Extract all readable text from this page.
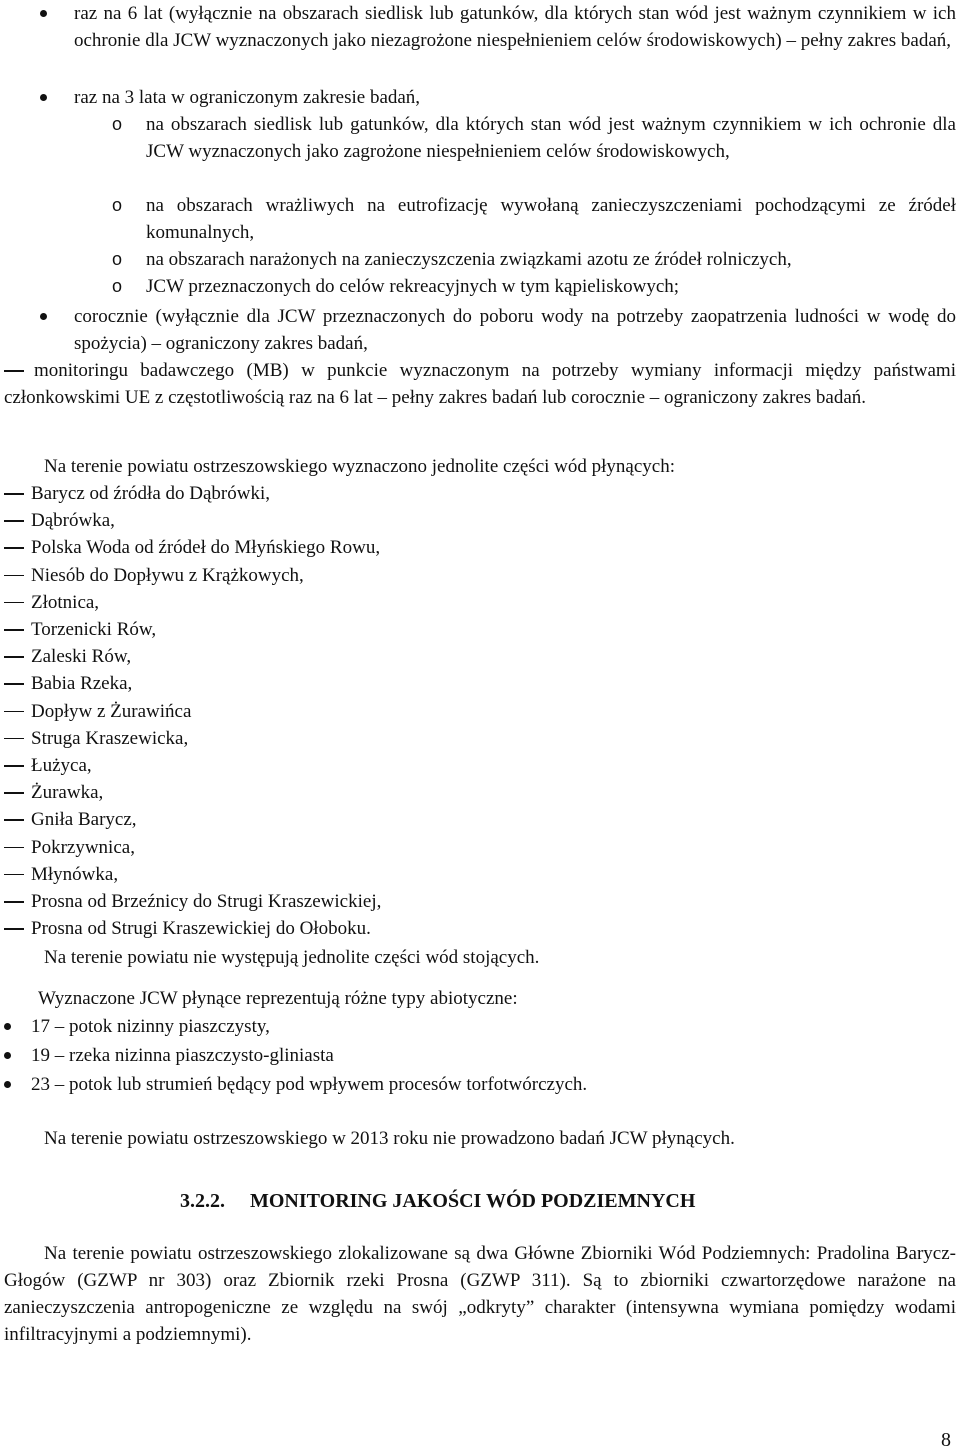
raz na 6 lat (wyłącznie na obszarach siedlisk lub gatunków, dla których stan wód jest ważnym czynnikiem w ich ochronie dla JCW wyznaczonych jako niezagrożone niespełnieniem celów środowiskowych) – pełny zakres badań,
raz na 3 lata w ograniczonym zakresie badań,
o na obszarach siedlisk lub gatunków, dla których stan wód jest ważnym czynnikiem w ich ochronie dla JCW wyznaczonych jako zagrożone niespełnieniem celów środowiskowych,
o na obszarach wrażliwych na eutrofizację wywołaną zanieczyszczeniami pochodzącymi ze źródeł komunalnych,
o na obszarach narażonych na zanieczyszczenia związkami azotu ze źródeł rolniczych,
o JCW przeznaczonych do celów rekreacyjnych w tym kąpieliskowych;
corocznie (wyłącznie dla JCW przeznaczonych do poboru wody na potrzeby zaopatrzenia ludności w wodę do spożycia) – ograniczony zakres badań,
monitoringu badawczego (MB) w punkcie wyznaczonym na potrzeby wymiany informacji między państwami członkowskimi UE z częstotliwością raz na 6 lat – pełny zakres badań lub corocznie – ograniczony zakres badań.
Na terenie powiatu ostrzeszowskiego wyznaczono jednolite części wód płynących:
Barycz od źródła do Dąbrówki,
Dąbrówka,
Polska Woda od źródeł do Młyńskiego Rowu,
Niesób do Dopływu z Krążkowych,
Złotnica,
Torzenicki Rów,
Zaleski Rów,
Babia Rzeka,
Dopływ z Żurawińca
Struga Kraszewicka,
Łużyca,
Żurawka,
Gniła Barycz,
Pokrzywnica,
Młynówka,
Prosna od Brzeźnicy do Strugi Kraszewickiej,
Prosna od Strugi Kraszewickiej do Ołoboku.
Na terenie powiatu nie występują jednolite części wód stojących.
Wyznaczone JCW płynące reprezentują różne typy abiotyczne:
17 – potok nizinny piaszczysty,
19 – rzeka nizinna piaszczysto-gliniasta
23 – potok lub strumień będący pod wpływem procesów torfotwórczych.
Na terenie powiatu ostrzeszowskiego w 2013 roku nie prowadzono badań JCW płynących.
3.2.2. MONITORING JAKOŚCI WÓD PODZIEMNYCH
Na terenie powiatu ostrzeszowskiego zlokalizowane są dwa Główne Zbiorniki Wód Podziemnych: Pradolina Barycz-Głogów (GZWP nr 303) oraz Zbiornik rzeki Prosna (GZWP 311). Są to zbiorniki czwartorzędowe narażone na zanieczyszczenia antropogeniczne ze względu na swój „odkryty” charakter (intensywna wymiana pomiędzy wodami infiltracyjnymi a podziemnymi).
8
